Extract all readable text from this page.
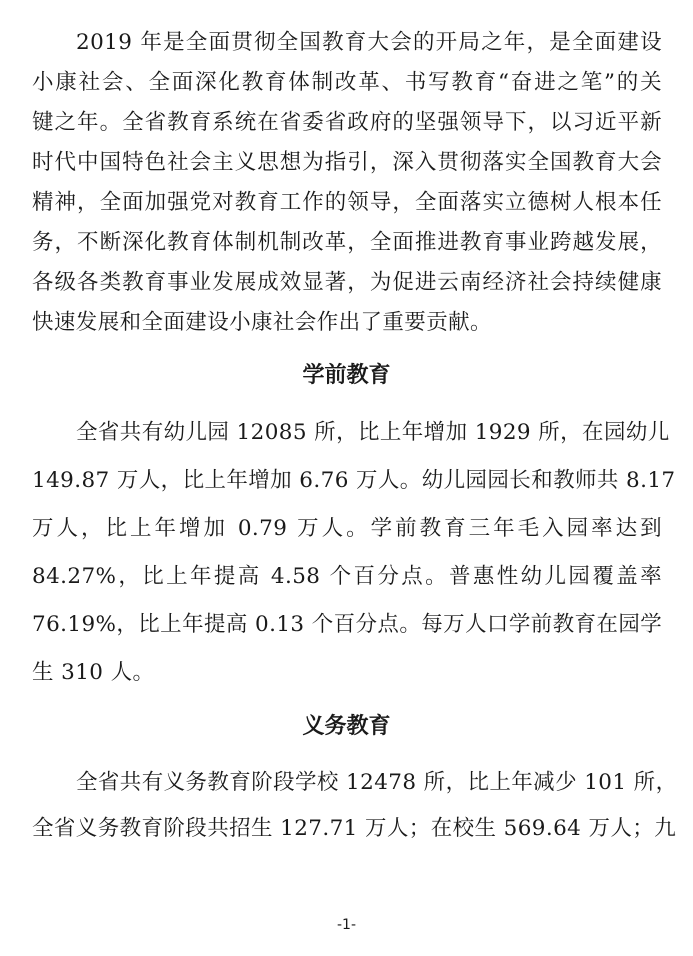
2019 年是全面贯彻全国教育大会的开局之年，是全面建设
小康社会、全面深化教育体制改革、书写教育“奋进之笔”的关
键之年。全省教育系统在省委省政府的坚强领导下，以习近平新
时代中国特色社会主义思想为指引，深入贯彻落实全国教育大会
精神，全面加强党对教育工作的领导，全面落实立德树人根本任
务，不断深化教育体制机制改革，全面推进教育事业跨越发展，
各级各类教育事业发展成效显著，为促进云南经济社会持续健康
快速发展和全面建设小康社会作出了重要贡献。
学前教育
全省共有幼儿园 12085 所，比上年增加 1929 所，在园幼儿
149.87 万人，比上年增加 6.76 万人。幼儿园园长和教师共 8.17
万人，比上年增加 0.79 万人。学前教育三年毛入园率达到
84.27%，比上年提高 4.58 个百分点。普惠性幼儿园覆盖率
76.19%，比上年提高 0.13 个百分点。每万人口学前教育在园学
生 310 人。
义务教育
全省共有义务教育阶段学校 12478 所，比上年减少 101 所，
全省义务教育阶段共招生 127.71 万人；在校生 569.64 万人；九
-1-
